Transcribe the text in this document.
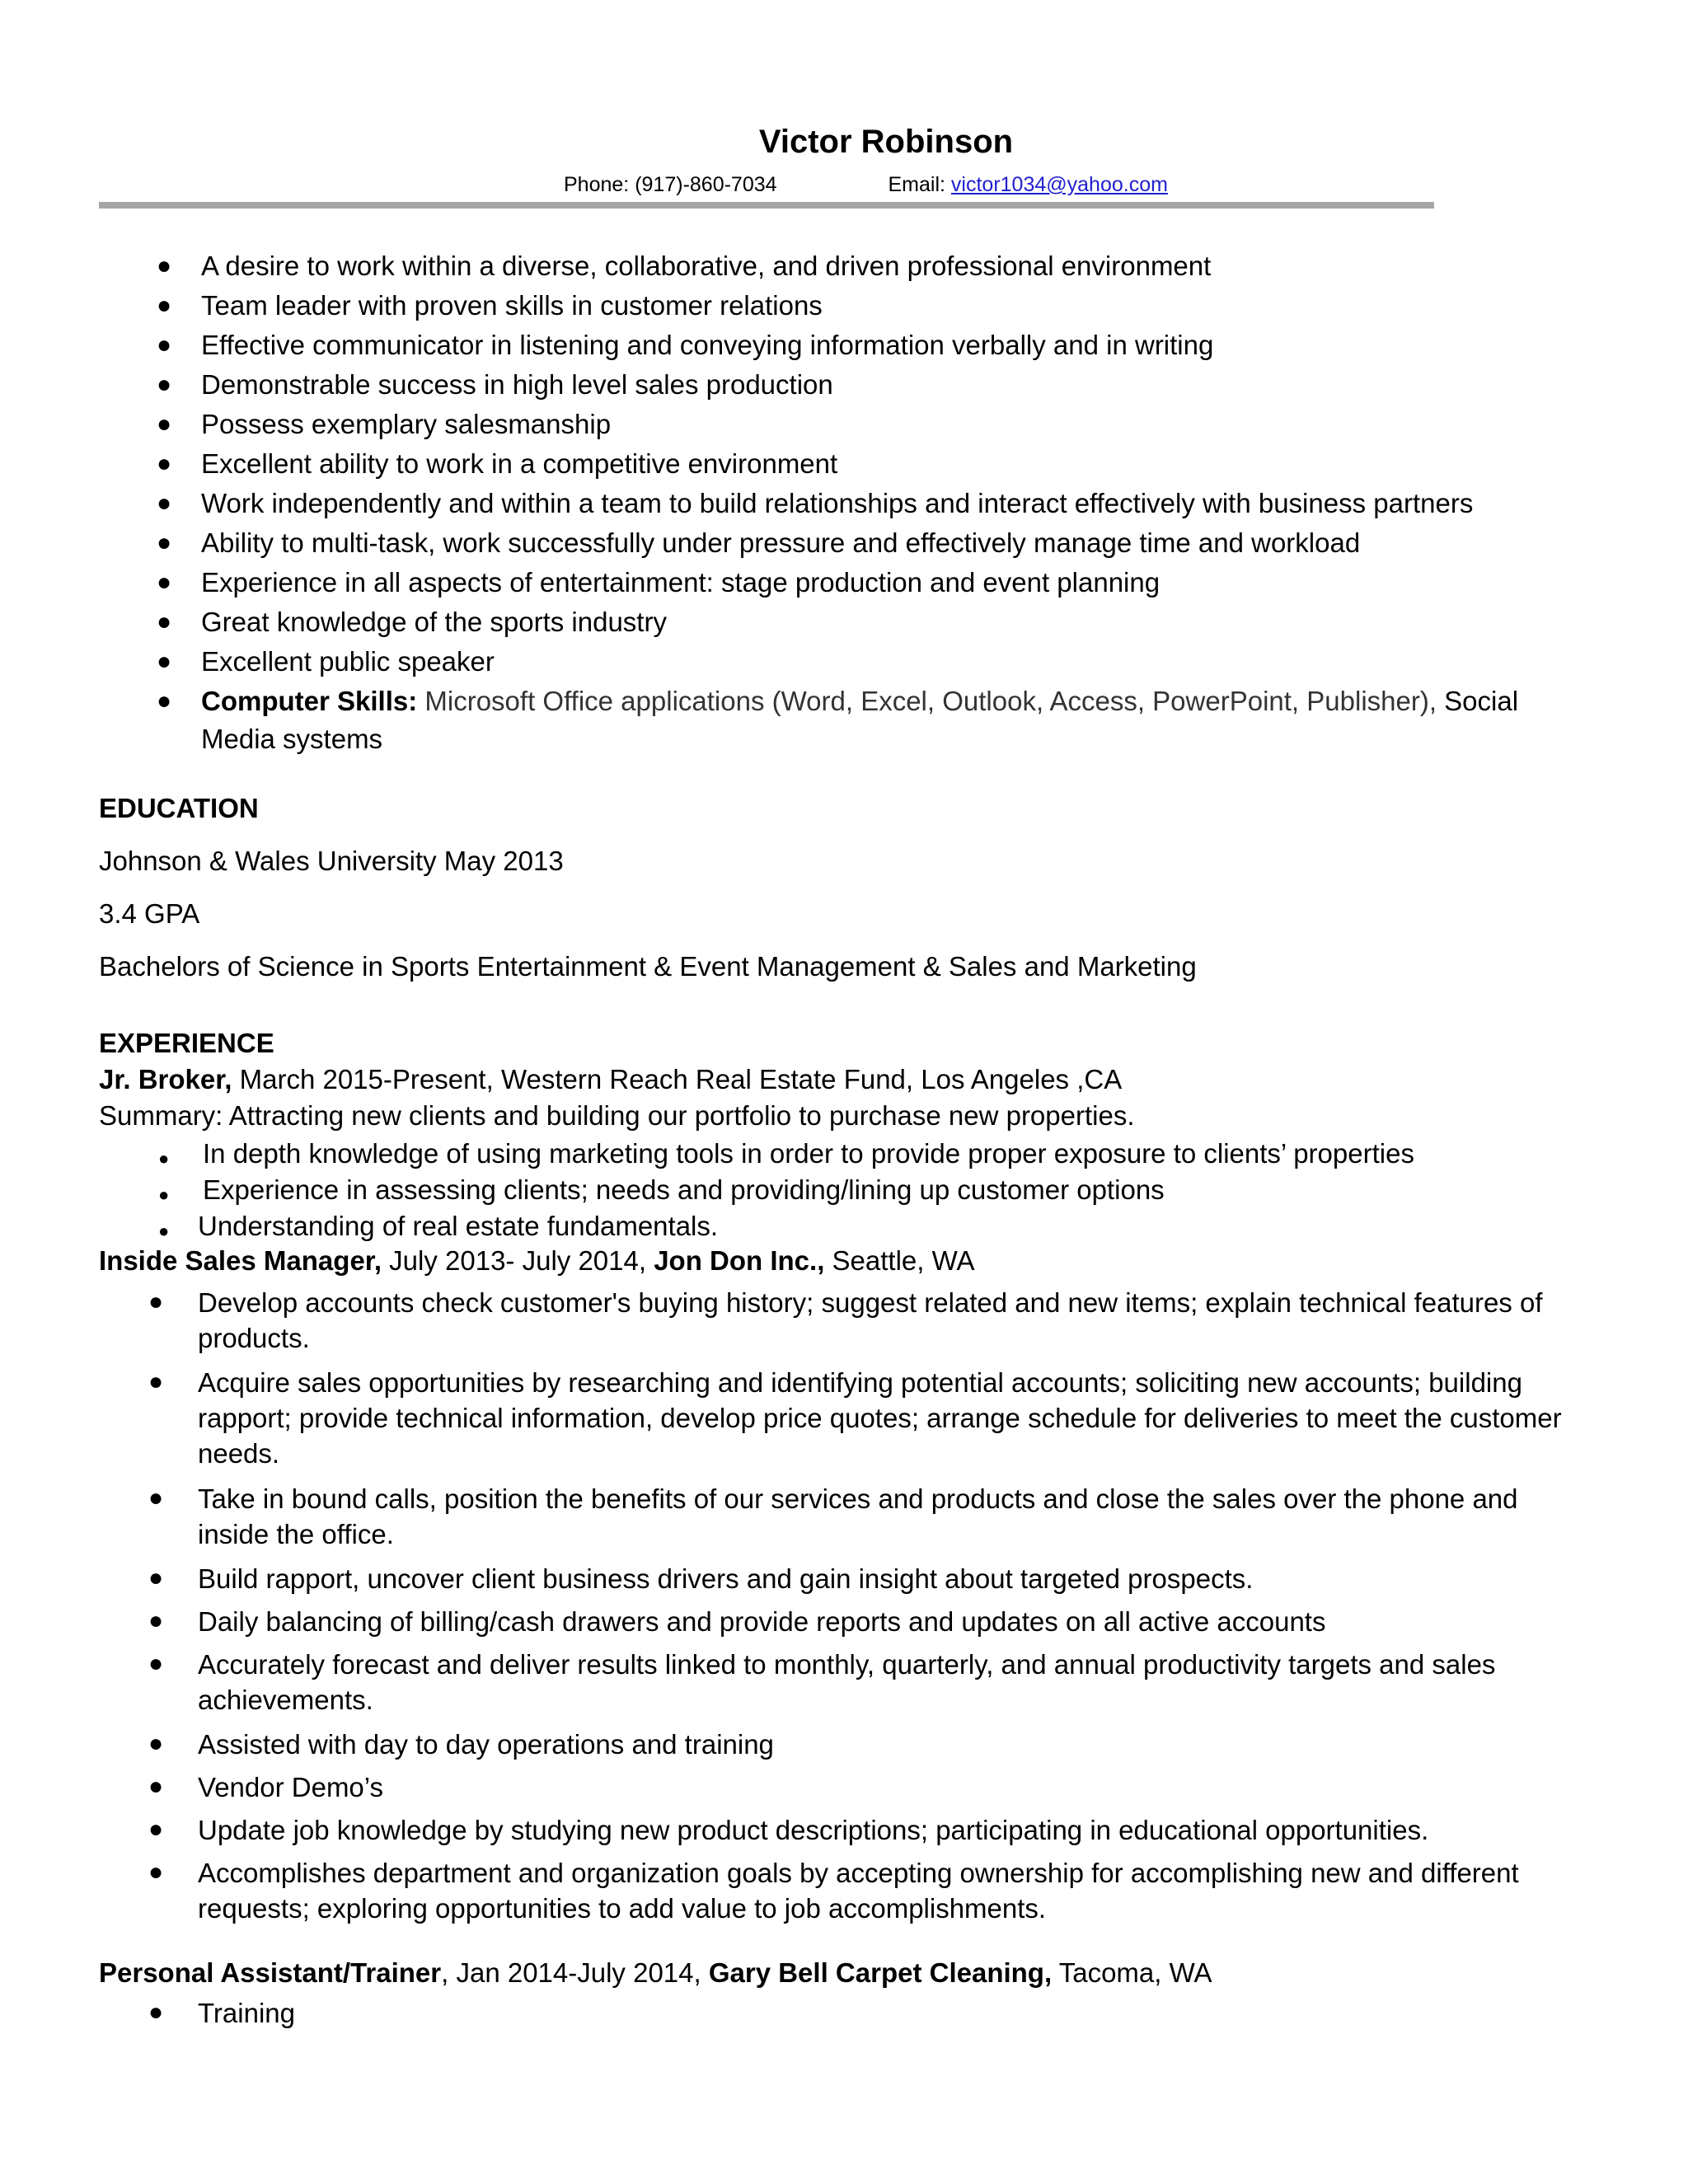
Victor Robinson
Phone: (917)-860-7034	Email: victor1034@yahoo.com
● A desire to work within a diverse, collaborative, and driven professional environment
● Team leader with proven skills in customer relations
● Effective communicator in listening and conveying information verbally and in writing
● Demonstrable success in high level sales production
● Possess exemplary salesmanship
● Excellent ability to work in a competitive environment
● Work independently and within a team to build relationships and interact effectively with business partners
● Ability to multi-task, work successfully under pressure and effectively manage time and workload
● Experience in all aspects of entertainment: stage production and event planning
● Great knowledge of the sports industry
● Excellent public speaker
● Computer Skills: Microsoft Office applications (Word, Excel, Outlook, Access, PowerPoint, Publisher), Social
Media systems
EDUCATION
Johnson & Wales University May 2013
3.4 GPA
Bachelors of Science in Sports Entertainment & Event Management & Sales and Marketing
EXPERIENCE
Jr. Broker, March 2015-Present, Western Reach Real Estate Fund, Los Angeles ,CA
Summary: Attracting new clients and building our portfolio to purchase new properties.
● In depth knowledge of using marketing tools in order to provide proper exposure to clients’ properties
● Experience in assessing clients; needs and providing/lining up customer options
● Understanding of real estate fundamentals.
Inside Sales Manager, July 2013- July 2014, Jon Don Inc., Seattle, WA
● Develop accounts check customer's buying history; suggest related and new items; explain technical features of products.
● Acquire sales opportunities by researching and identifying potential accounts; soliciting new accounts; building rapport; provide technical information, develop price quotes; arrange schedule for deliveries to meet the customer needs.
● Take in bound calls, position the benefits of our services and products and close the sales over the phone and inside the office.
● Build rapport, uncover client business drivers and gain insight about targeted prospects.
● Daily balancing of billing/cash drawers and provide reports and updates on all active accounts
● Accurately forecast and deliver results linked to monthly, quarterly, and annual productivity targets and sales achievements.
● Assisted with day to day operations and training
● Vendor Demo’s
● Update job knowledge by studying new product descriptions; participating in educational opportunities.
● Accomplishes department and organization goals by accepting ownership for accomplishing new and different requests; exploring opportunities to add value to job accomplishments.
Personal Assistant/Trainer, Jan 2014-July 2014, Gary Bell Carpet Cleaning, Tacoma, WA
● Training
